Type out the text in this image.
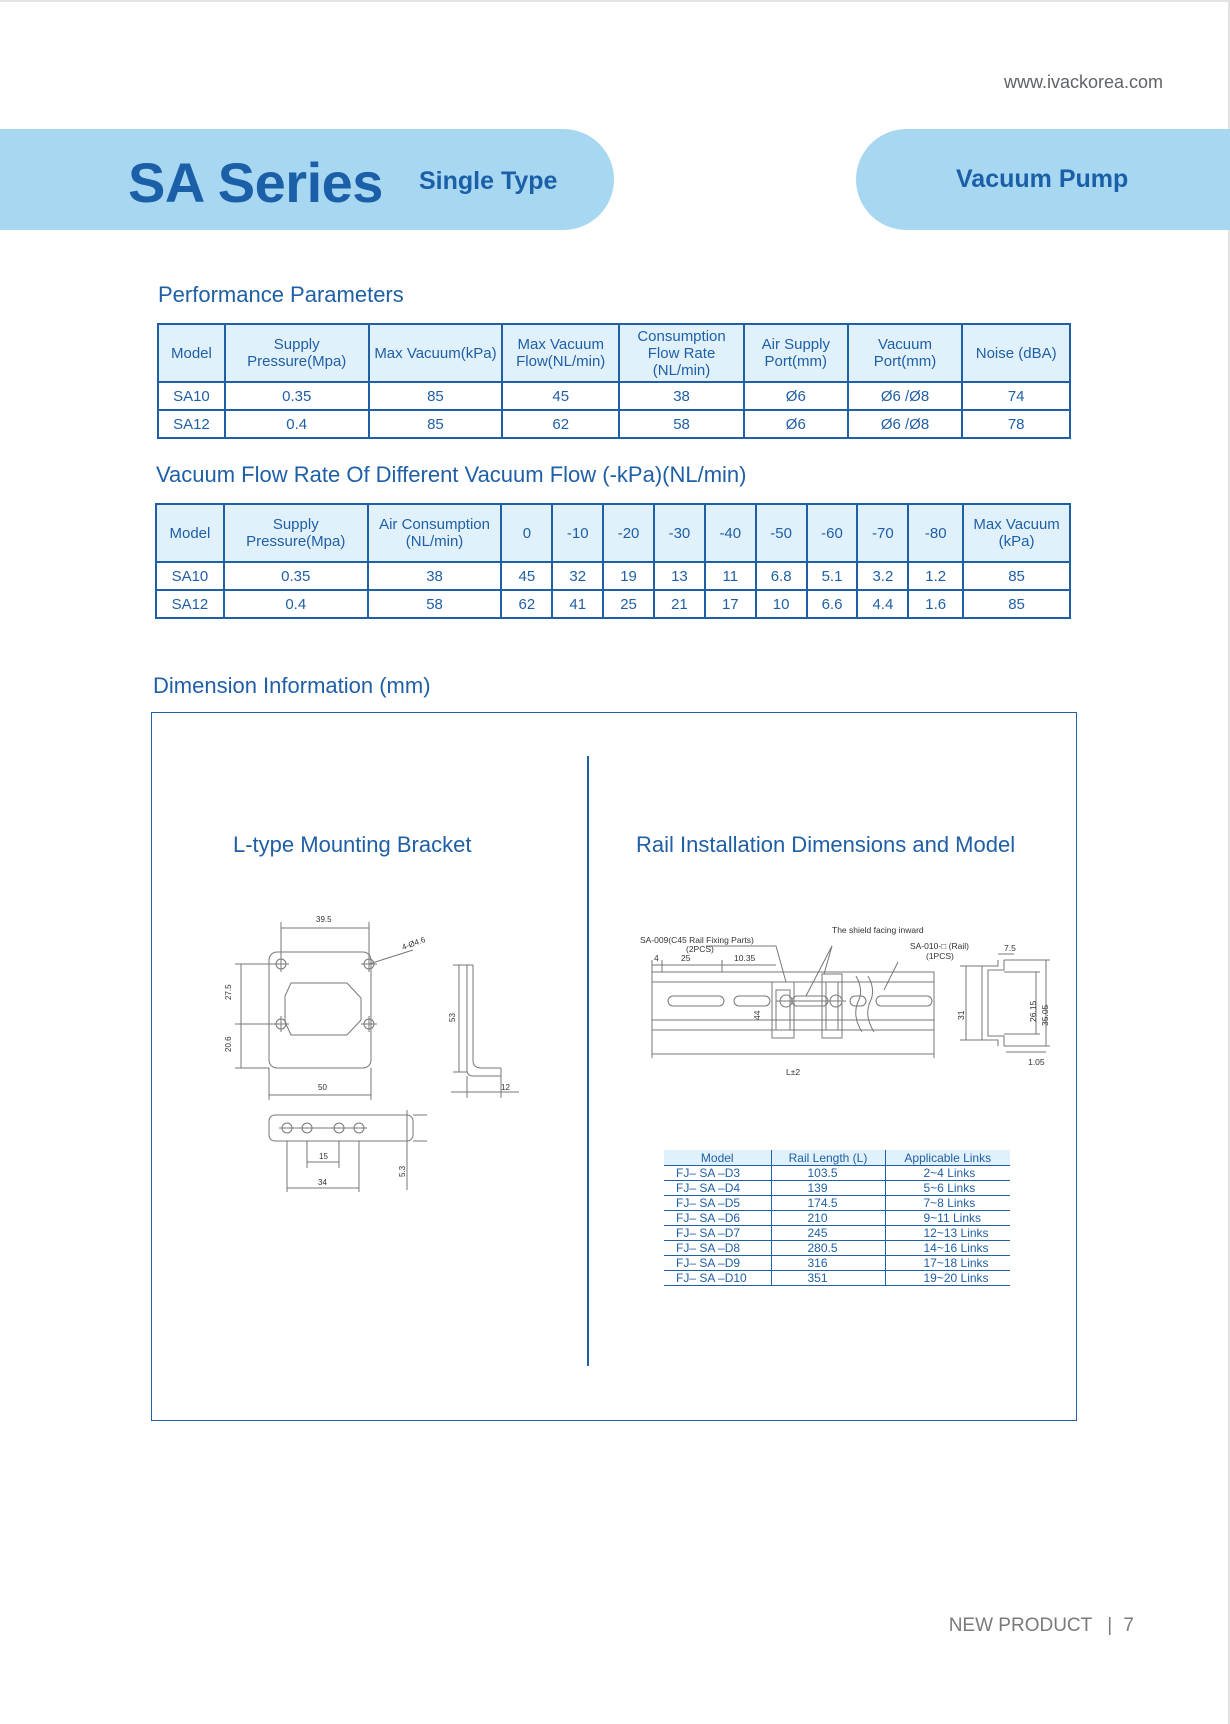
www.ivackorea.com
SA Series Single Type	Vacuum Pump
Performance Parameters
Model	Supply Pressure(Mpa)	Max Vacuum(kPa)	Max Vacuum Flow(NL/min)	Consumption Flow Rate (NL/min)	Air Supply Port(mm)	Vacuum Port(mm)	Noise (dBA)
SA10	0.35	85	45	38	Ø6	Ø6 /Ø8	74
SA12	0.4	85	62	58	Ø6	Ø6 /Ø8	78
Vacuum Flow Rate Of Different Vacuum Flow (-kPa)(NL/min)
Model	Supply Pressure(Mpa)	Air Consumption (NL/min)	0	-10	-20	-30	-40	-50	-60	-70	-80	Max Vacuum (kPa)
SA10	0.35	38	45	32	19	13	11	6.8	5.1	3.2	1.2	85
SA12	0.4	58	62	41	25	21	17	10	6.6	4.4	1.6	85
Dimension Information (mm)
L-type Mounting Bracket	Rail Installation Dimensions and Model
39.5
4-Ø4.6
27.5
20.6
50
53
12
15
34
5.3
SA-009(C45 Rail Fixing Parts)
(2PCS)
The shield facing inward
SA-010-□ (Rail)
(1PCS)
4	25	10.35
44
L±2
31
7.5
26.15 35.05
1.05
Model	Rail Length (L)	Applicable Links
FJ– SA –D3	103.5	2~4 Links
FJ– SA –D4	139	5~6 Links
FJ– SA –D5	174.5	7~8 Links
FJ– SA –D6	210	9~11 Links
FJ– SA –D7	245	12~13 Links
FJ– SA –D8	280.5	14~16 Links
FJ– SA –D9	316	17~18 Links
FJ– SA –D10	351	19~20 Links
NEW PRODUCT | 7
